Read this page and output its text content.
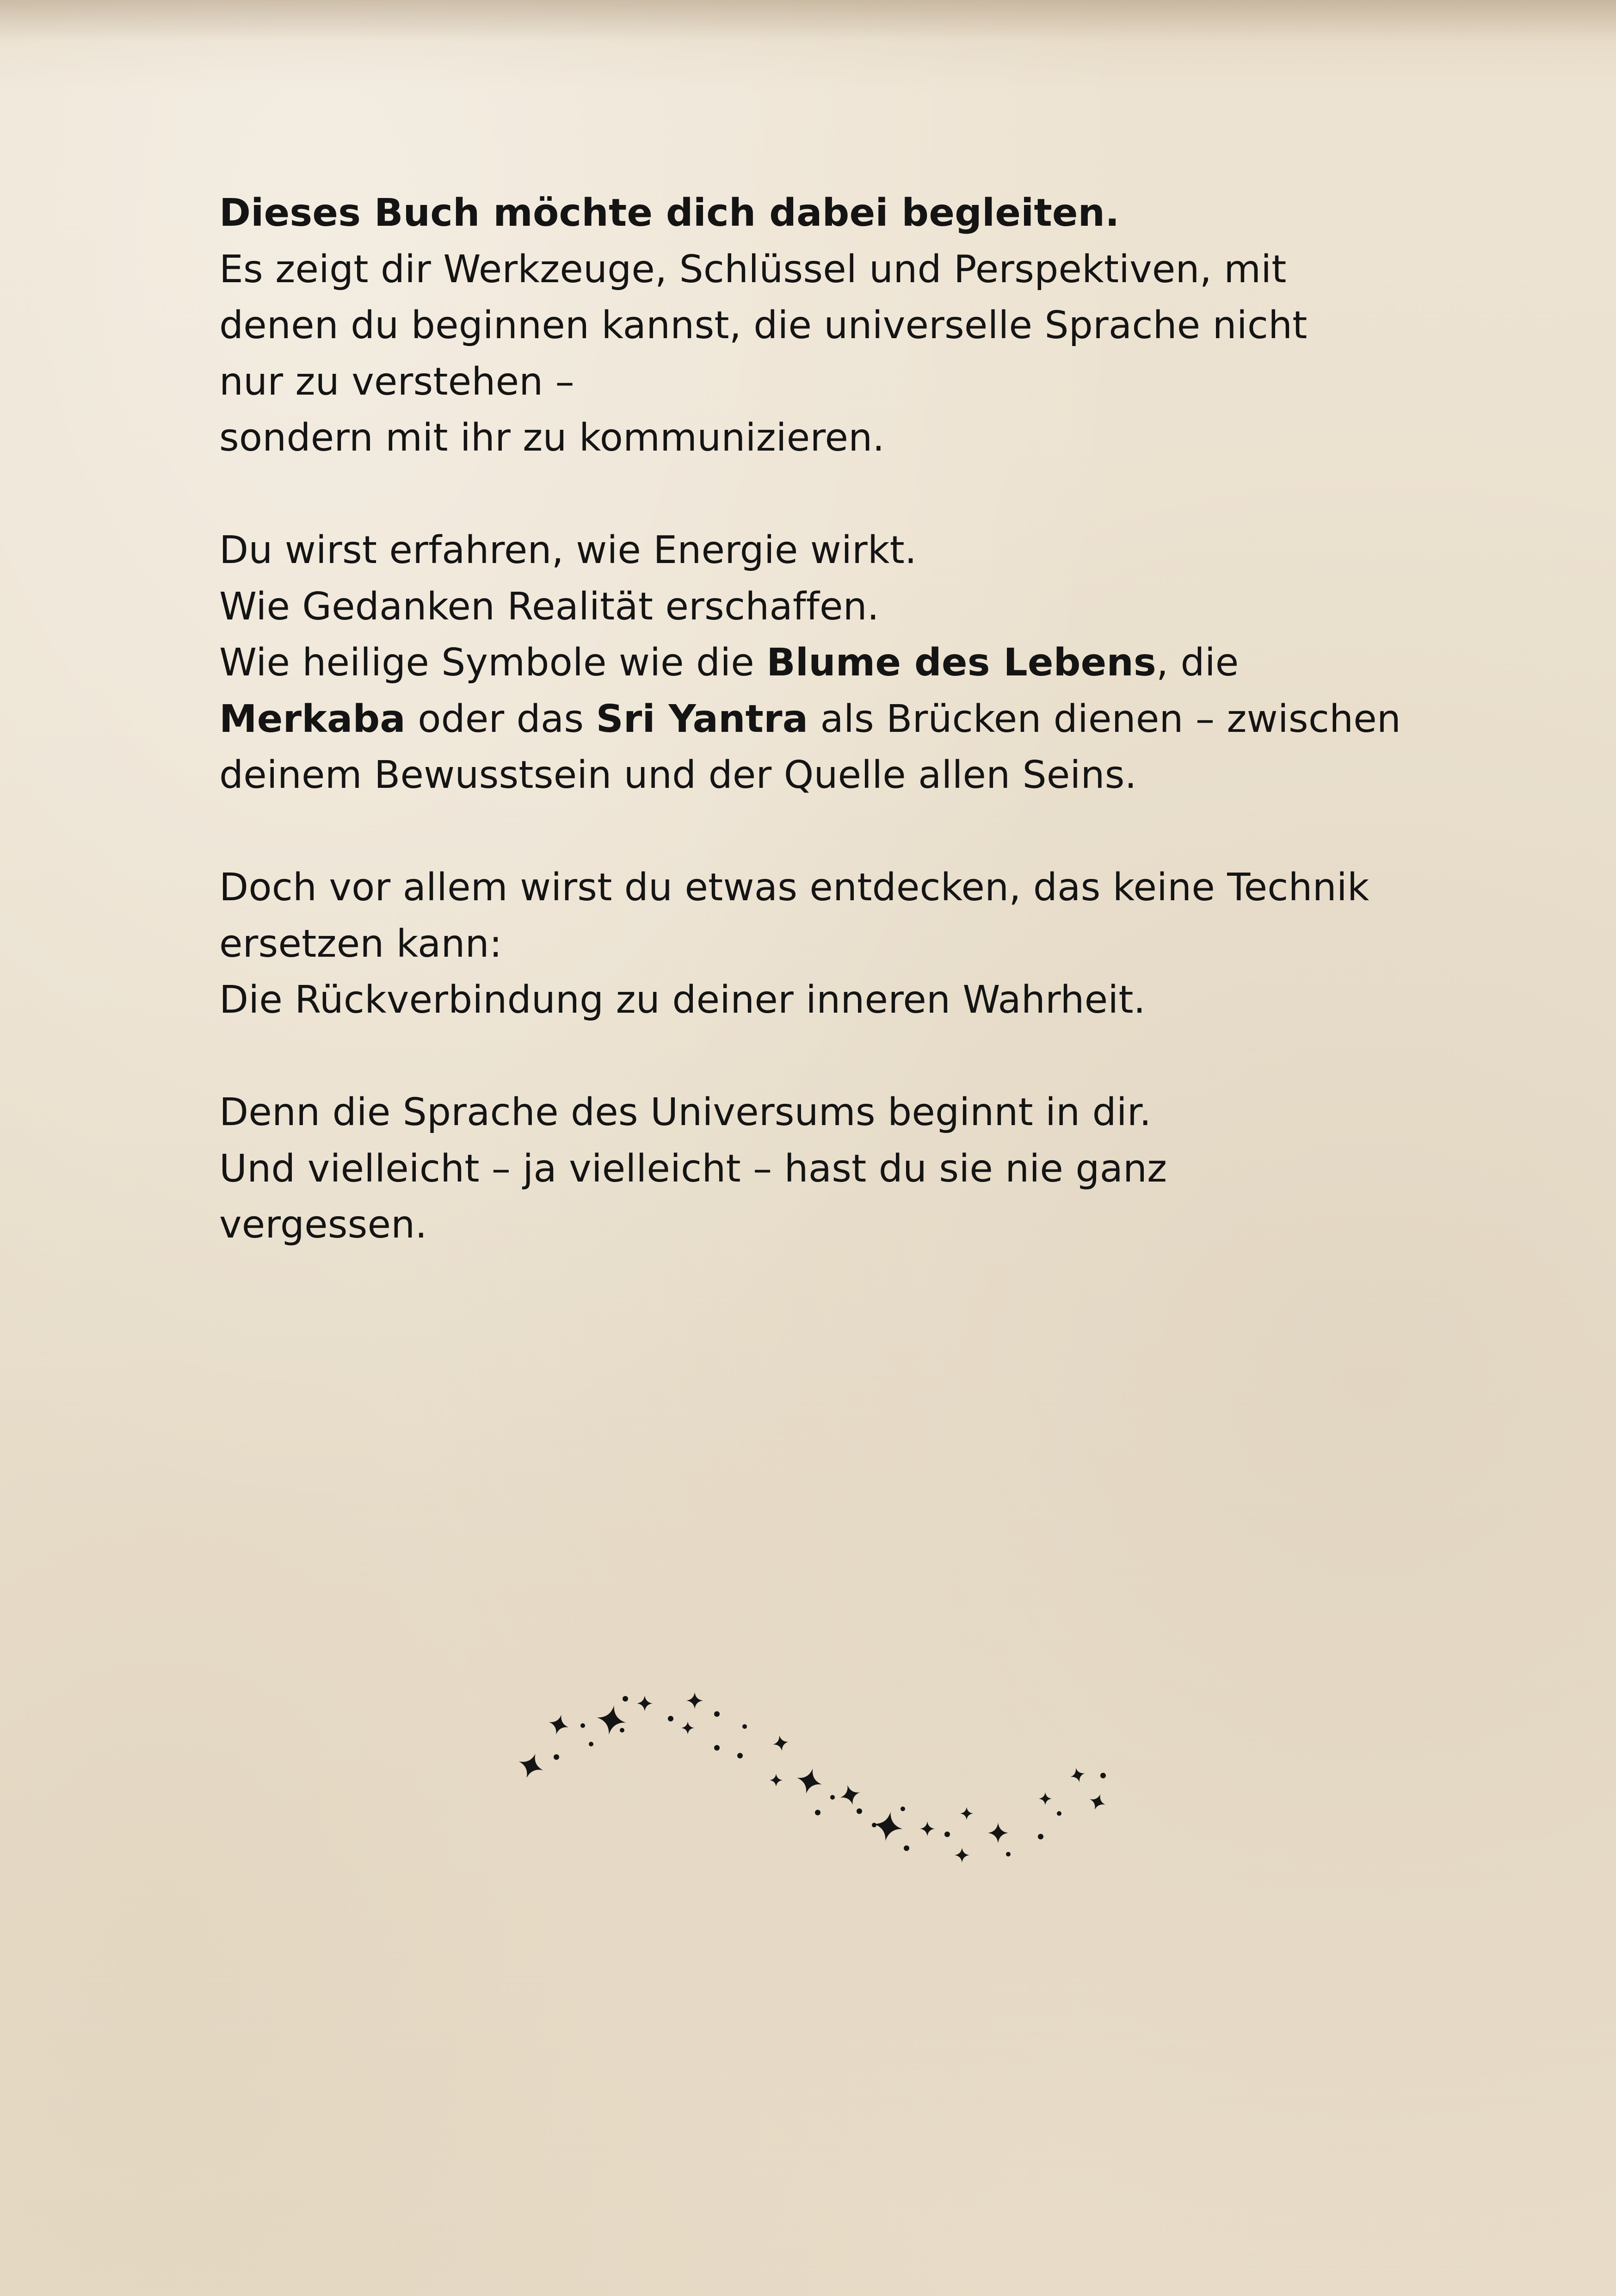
Dieses Buch möchte dich dabei begleiten.
Es zeigt dir Werkzeuge, Schlüssel und Perspektiven, mit
denen du beginnen kannst, die universelle Sprache nicht
nur zu verstehen –
sondern mit ihr zu kommunizieren.

Du wirst erfahren, wie Energie wirkt.
Wie Gedanken Realität erschaffen.
Wie heilige Symbole wie die Blume des Lebens, die
Merkaba oder das Sri Yantra als Brücken dienen – zwischen
deinem Bewusstsein und der Quelle allen Seins.

Doch vor allem wirst du etwas entdecken, das keine Technik
ersetzen kann:
Die Rückverbindung zu deiner inneren Wahrheit.

Denn die Sprache des Universums beginnt in dir.
Und vielleicht – ja vielleicht – hast du sie nie ganz
vergessen.
